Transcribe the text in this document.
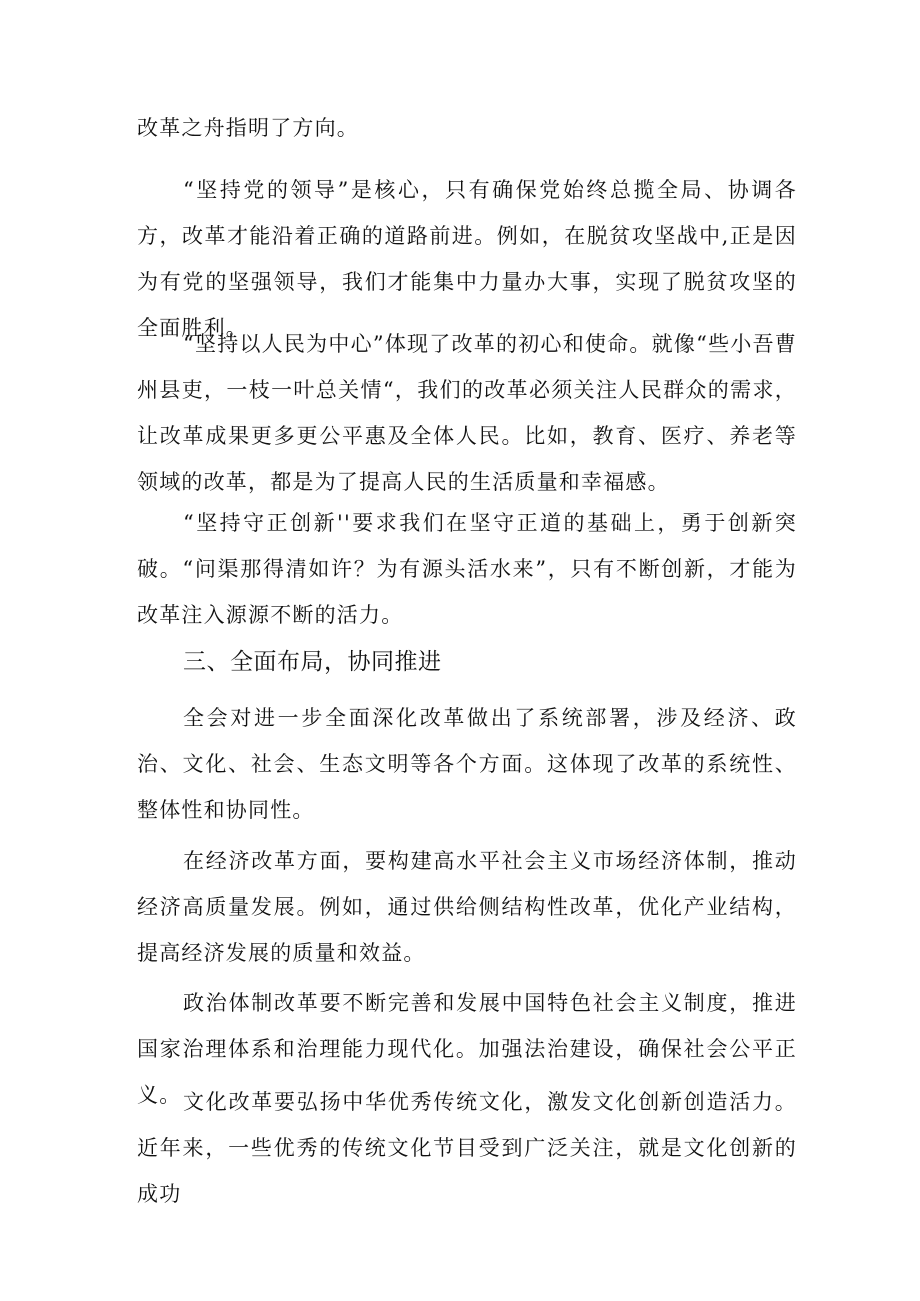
改革之舟指明了方向。

“坚持党的领导”是核心，只有确保党始终总揽全局、协调各方，改革才能沿着正确的道路前进。例如，在脱贫攻坚战中,正是因为有党的坚强领导，我们才能集中力量办大事，实现了脱贫攻坚的全面胜利。

“坚持以人民为中心”体现了改革的初心和使命。就像“些小吾曹州县吏，一枝一叶总关情“，我们的改革必须关注人民群众的需求，让改革成果更多更公平惠及全体人民。比如，教育、医疗、养老等领域的改革，都是为了提高人民的生活质量和幸福感。

“坚持守正创新''要求我们在坚守正道的基础上，勇于创新突破。“问渠那得清如许？为有源头活水来”，只有不断创新，才能为改革注入源源不断的活力。

三、全面布局，协同推进

全会对进一步全面深化改革做出了系统部署，涉及经济、政治、文化、社会、生态文明等各个方面。这体现了改革的系统性、整体性和协同性。

在经济改革方面，要构建高水平社会主义市场经济体制，推动经济高质量发展。例如，通过供给侧结构性改革，优化产业结构，提高经济发展的质量和效益。

政治体制改革要不断完善和发展中国特色社会主义制度，推进国家治理体系和治理能力现代化。加强法治建设，确保社会公平正义。 文化改革要弘扬中华优秀传统文化，激发文化创新创造活力。近年来，一些优秀的传统文化节目受到广泛关注，就是文化创新的成功
